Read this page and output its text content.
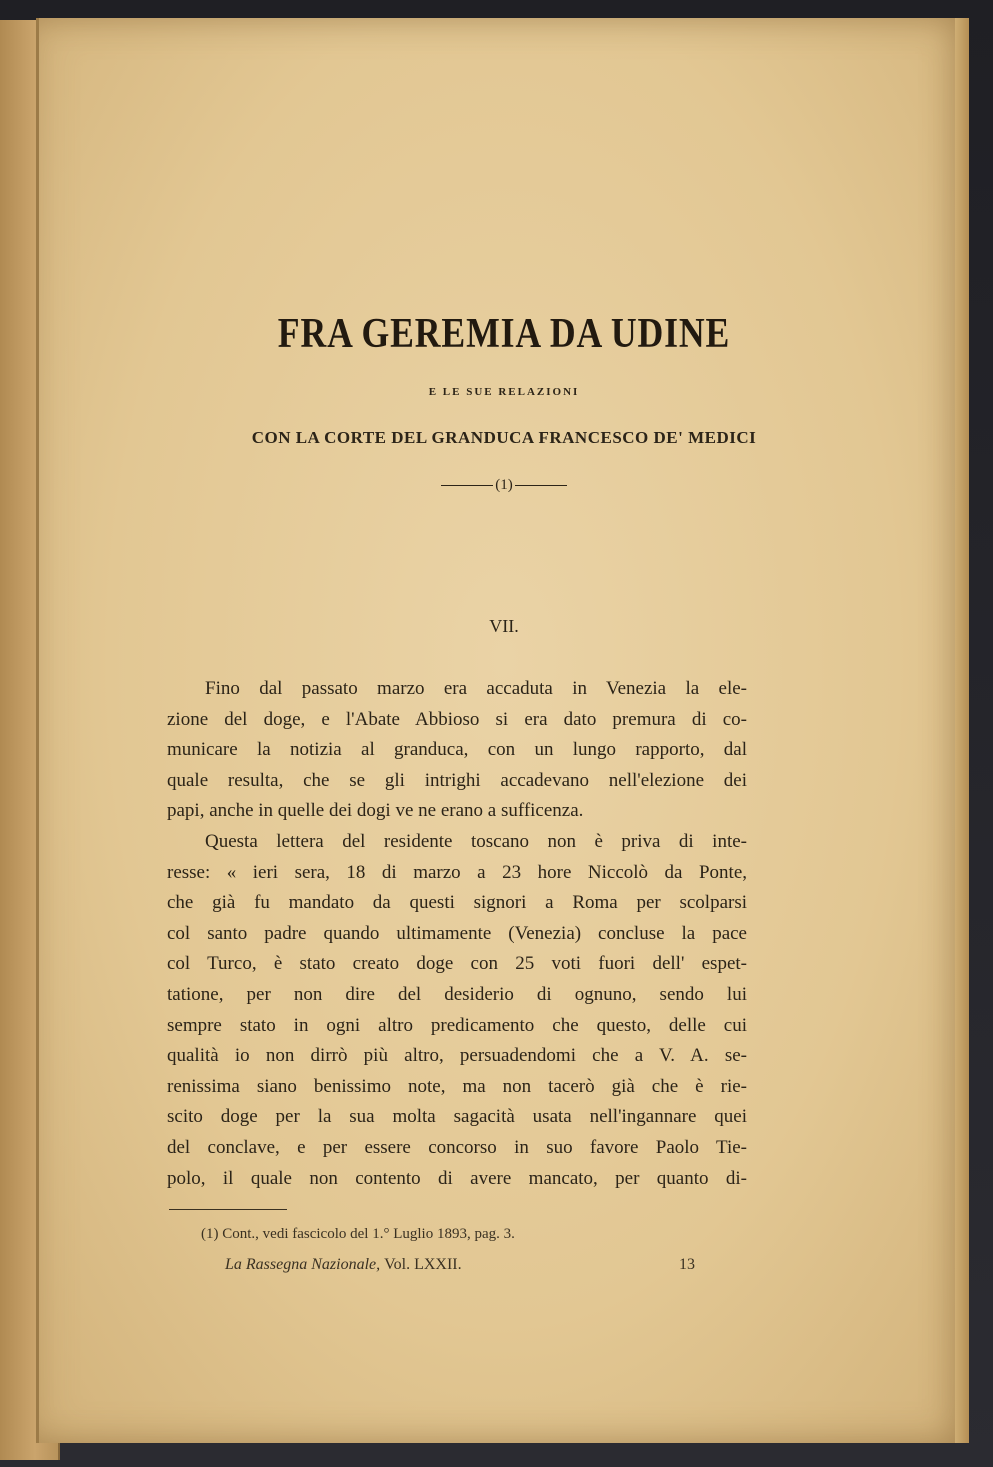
FRA GEREMIA DA UDINE
E LE SUE RELAZIONI
CON LA CORTE DEL GRANDUCA FRANCESCO DE' MEDICI
(1)
VII.
Fino dal passato marzo era accaduta in Venezia la ele-
zione del doge, e l'Abate Abbioso si era dato premura di co-
municare la notizia al granduca, con un lungo rapporto, dal
quale resulta, che se gli intrighi accadevano nell'elezione dei
papi, anche in quelle dei dogi ve ne erano a sufficenza.
Questa lettera del residente toscano non è priva di inte-
resse: « ieri sera, 18 di marzo a 23 hore Niccolò da Ponte,
che già fu mandato da questi signori a Roma per scolparsi
col santo padre quando ultimamente (Venezia) concluse la pace
col Turco, è stato creato doge con 25 voti fuori dell' espet-
tatione, per non dire del desiderio di ognuno, sendo lui
sempre stato in ogni altro predicamento che questo, delle cui
qualità io non dirrò più altro, persuadendomi che a V. A. se-
renissima siano benissimo note, ma non tacerò già che è rie-
scito doge per la sua molta sagacità usata nell'ingannare quei
del conclave, e per essere concorso in suo favore Paolo Tie-
polo, il quale non contento di avere mancato, per quanto di-
(1) Cont., vedi fascicolo del 1.° Luglio 1893, pag. 3.
La Rassegna Nazionale, Vol. LXXII.	13
